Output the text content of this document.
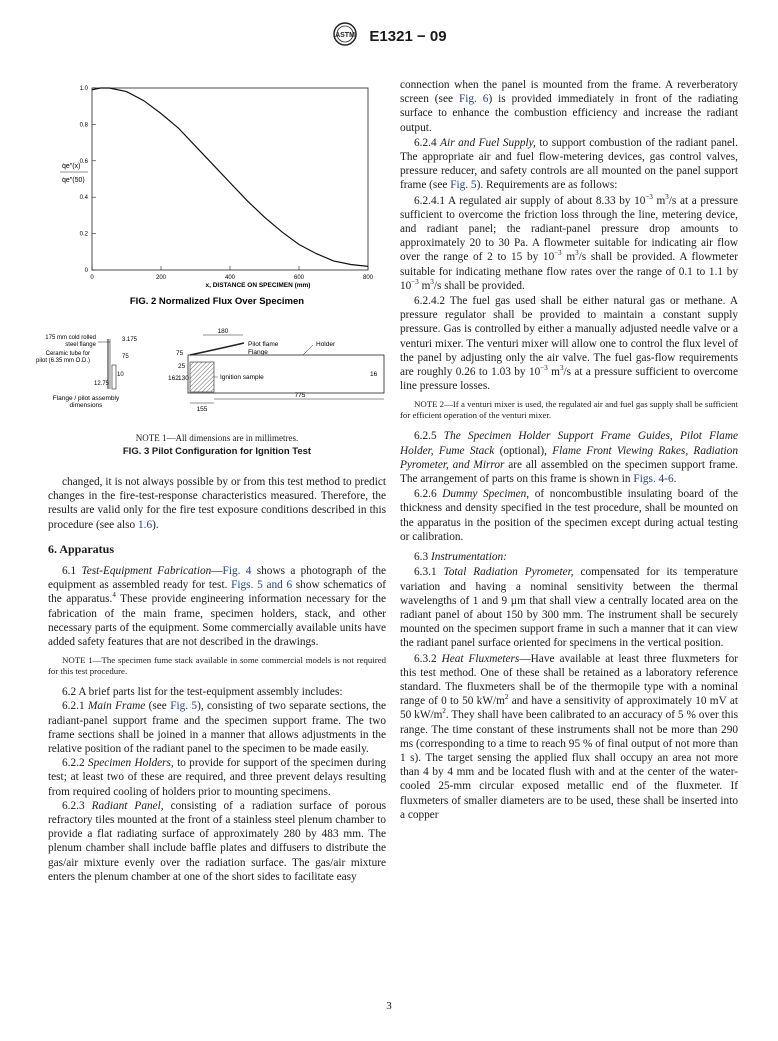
ASTM E1321 − 09
0
0.2
0.4
0.6
0.8
1.0
0	200	400	600	800
q̇e″(x)
q̇e″(50)
x, DISTANCE ON SPECIMEN (mm)
FIG. 2 Normalized Flux Over Specimen
175 mm cold rolled
steel flange
3.175
Ceramic tube for
pilot (6.35 mm O.D.)
75
10
12.75
Flange / pilot assembly
dimensions
180
Pilot flame
Flange
Holder
75
25
162 130	Ignition sample	16
155
775
NOTE 1—All dimensions are in millimetres.
FIG. 3 Pilot Configuration for Ignition Test

changed, it is not always possible by or from this test method to predict changes in the fire-test-response characteristics measured. Therefore, the results are valid only for the fire test exposure conditions described in this procedure (see also 1.6).

6. Apparatus

6.1 Test-Equipment Fabrication—Fig. 4 shows a photograph of the equipment as assembled ready for test. Figs. 5 and 6 show schematics of the apparatus.$^4$ These provide engineering information necessary for the fabrication of the main frame, specimen holders, stack, and other necessary parts of the equipment. Some commercially available units have added safety features that are not described in the drawings.

NOTE 1—The specimen fume stack available in some commercial models is not required for this test procedure.

6.2 A brief parts list for the test-equipment assembly includes:

6.2.1 Main Frame (see Fig. 5), consisting of two separate sections, the radiant-panel support frame and the specimen support frame. The two frame sections shall be joined in a manner that allows adjustments in the relative position of the radiant panel to the specimen to be made easily.

6.2.2 Specimen Holders, to provide for support of the specimen during test; at least two of these are required, and three prevent delays resulting from required cooling of holders prior to mounting specimens.

6.2.3 Radiant Panel, consisting of a radiation surface of porous refractory tiles mounted at the front of a stainless steel plenum chamber to provide a flat radiating surface of approximately 280 by 483 mm. The plenum chamber shall include baffle plates and diffusers to distribute the gas/air mixture evenly over the radiation surface. The gas/air mixture enters the plenum chamber at one of the short sides to facilitate easy

connection when the panel is mounted from the frame. A reverberatory screen (see Fig. 6) is provided immediately in front of the radiating surface to enhance the combustion efficiency and increase the radiant output.

6.2.4 Air and Fuel Supply, to support combustion of the radiant panel. The appropriate air and fuel flow-metering devices, gas control valves, pressure reducer, and safety controls are all mounted on the panel support frame (see Fig. 5). Requirements are as follows:

6.2.4.1 A regulated air supply of about 8.33 by $10^{-3}$ $m^3/s$ at a pressure sufficient to overcome the friction loss through the line, metering device, and radiant panel; the radiant-panel pressure drop amounts to approximately 20 to 30 Pa. A flowmeter suitable for indicating air flow over the range of 2 to 15 by $10^{-3}$ $m^3/s$ shall be provided. A flowmeter suitable for indicating methane flow rates over the range of 0.1 to 1.1 by $10^{-3}$ $m^3/s$ shall be provided.

6.2.4.2 The fuel gas used shall be either natural gas or methane. A pressure regulator shall be provided to maintain a constant supply pressure. Gas is controlled by either a manually adjusted needle valve or a venturi mixer. The venturi mixer will allow one to control the flux level of the panel by adjusting only the air valve. The fuel gas-flow requirements are roughly 0.26 to 1.03 by $10^{-3}$ $m^3/s$ at a pressure sufficient to overcome line pressure losses.

NOTE 2—If a venturi mixer is used, the regulated air and fuel gas supply shall be sufficient for efficient operation of the venturi mixer.

6.2.5 The Specimen Holder Support Frame Guides, Pilot Flame Holder, Fume Stack (optional), Flame Front Viewing Rakes, Radiation Pyrometer, and Mirror are all assembled on the specimen support frame. The arrangement of parts on this frame is shown in Figs. 4-6.

6.2.6 Dummy Specimen, of noncombustible insulating board of the thickness and density specified in the test procedure, shall be mounted on the apparatus in the position of the specimen except during actual testing or calibration.

6.3 Instrumentation:

6.3.1 Total Radiation Pyrometer, compensated for its temperature variation and having a nominal sensitivity between the thermal wavelengths of 1 and 9 µm that shall view a centrally located area on the radiant panel of about 150 by 300 mm. The instrument shall be securely mounted on the specimen support frame in such a manner that it can view the radiant panel surface oriented for specimens in the vertical position.

6.3.2 Heat Fluxmeters—Have available at least three fluxmeters for this test method. One of these shall be retained as a laboratory reference standard. The fluxmeters shall be of the thermopile type with a nominal range of 0 to 50 $kW/m^2$ and have a sensitivity of approximately 10 mV at 50 $kW/m^2$. They shall have been calibrated to an accuracy of 5 % over this range. The time constant of these instruments shall not be more than 290 ms (corresponding to a time to reach 95 % of final output of not more than 1 s). The target sensing the applied flux shall occupy an area not more than 4 by 4 mm and be located flush with and at the center of the water-cooled 25-mm circular exposed metallic end of the fluxmeter. If fluxmeters of smaller diameters are to be used, these shall be inserted into a copper

3
